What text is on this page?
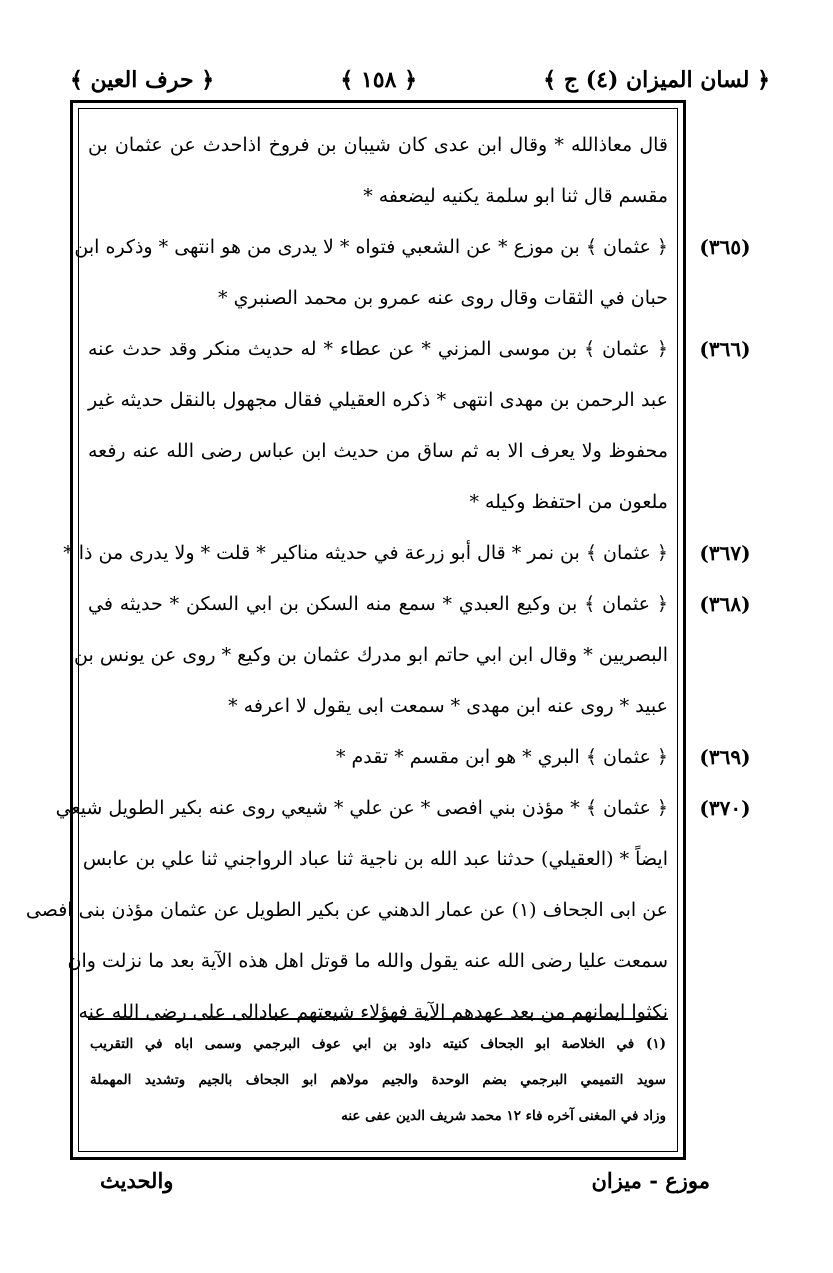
﴿ لسان الميزان (٤) ج ﴾
﴿ ١٥٨ ﴾
﴿ حرف العين ﴾
قال معاذالله * وقال ابن عدى كان شيبان بن فروخ اذاحدث عن عثمان بن
مقسم قال ثنا ابو سلمة يكنيه ليضعفه *
﴿ عثمان ﴾ بن موزع * عن الشعبي فتواه * لا يدرى من هو انتهى * وذكره ابن
حبان في الثقات وقال روى عنه عمرو بن محمد الصنبري *
﴿ عثمان ﴾ بن موسى المزني * عن عطاء * له حديث منكر وقد حدث عنه
عبد الرحمن بن مهدى انتهى * ذكره العقيلي فقال مجهول بالنقل حديثه غير
محفوظ ولا يعرف الا به ثم ساق من حديث ابن عباس رضى الله عنه رفعه
ملعون من احتفظ وكيله *
﴿ عثمان ﴾ بن نمر * قال أبو زرعة في حديثه مناكير * قلت * ولا يدرى من ذا *
﴿ عثمان ﴾ بن وكيع العبدي * سمع منه السكن بن ابي السكن * حديثه في
البصريين * وقال ابن ابي حاتم ابو مدرك عثمان بن وكيع * روى عن يونس بن
عبيد * روى عنه ابن مهدى * سمعت ابى يقول لا اعرفه *
﴿ عثمان ﴾ البري * هو ابن مقسم * تقدم *
﴿ عثمان ﴾ * مؤذن بني افصى * عن علي * شيعي روى عنه بكير الطويل شيعي
ايضاً * (العقيلي) حدثنا عبد الله بن ناجية ثنا عباد الرواجني ثنا علي بن عابس
عن ابى الجحاف (١) عن عمار الدهني عن بكير الطويل عن عثمان مؤذن بنى افصى
سمعت عليا رضى الله عنه يقول والله ما قوتل اهل هذه الآية بعد ما نزلت وان
نكثوا ايمانهم من بعد عهدهم الآية فهؤلاء شيعتهم عبادالى على رضى الله عنه
(٣٦٥)
(٣٦٦)
(٣٦٧)
(٣٦٨)
(٣٦٩)
(٣٧٠)
(١) في الخلاصة ابو الجحاف كنيته داود بن ابي عوف البرجمي وسمى اباه في التقريب
سويد التميمي البرجمي بضم الوحدة والجيم مولاهم ابو الجحاف بالجيم وتشديد المهملة
وزاد في المغنى آخره فاء ١٢ محمد شريف الدين عفى عنه
موزع - ميزان
والحديث
